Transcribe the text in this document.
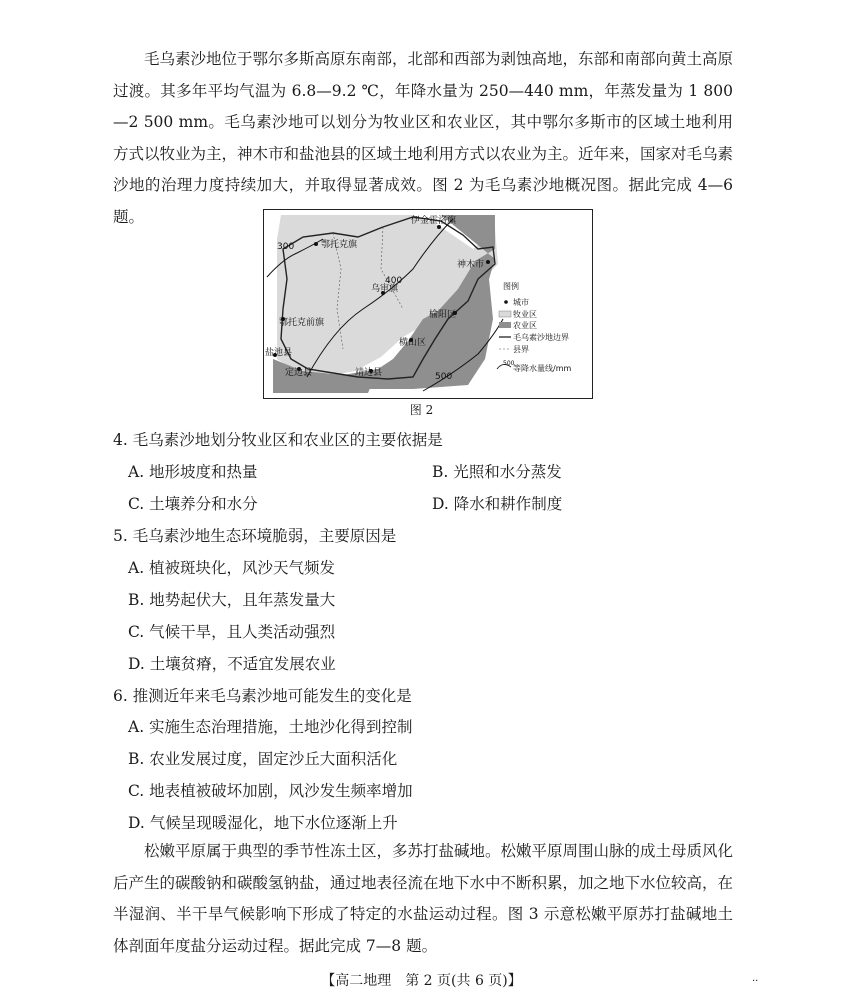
毛乌素沙地位于鄂尔多斯高原东南部，北部和西部为剥蚀高地，东部和南部向黄土高原过渡。其多年平均气温为 6.8—9.2 ℃，年降水量为 250—440 mm，年蒸发量为 1 800—2 500 mm。毛乌素沙地可以划分为牧业区和农业区，其中鄂尔多斯市的区域土地利用方式以牧业为主，神木市和盐池县的区域土地利用方式以农业为主。近年来，国家对毛乌素沙地的治理力度持续加大，并取得显著成效。图 2 为毛乌素沙地概况图。据此完成 4—6 题。
300
400
500
鄂托克旗
伊金霍洛旗
乌审旗
神木市
鄂托克前旗
榆阳区
横山区
盐池县
定边县	靖边县
图例
城市
牧业区
农业区
毛乌素沙地边界
县界
500
等降水量线/mm
图 2
4. 毛乌素沙地划分牧业区和农业区的主要依据是
A. 地形坡度和热量	B. 光照和水分蒸发
C. 土壤养分和水分	D. 降水和耕作制度
5. 毛乌素沙地生态环境脆弱，主要原因是
A. 植被斑块化，风沙天气频发
B. 地势起伏大，且年蒸发量大
C. 气候干旱，且人类活动强烈
D. 土壤贫瘠，不适宜发展农业
6. 推测近年来毛乌素沙地可能发生的变化是
A. 实施生态治理措施，土地沙化得到控制
B. 农业发展过度，固定沙丘大面积活化
C. 地表植被破坏加剧，风沙发生频率增加
D. 气候呈现暖湿化，地下水位逐渐上升
松嫩平原属于典型的季节性冻土区，多苏打盐碱地。松嫩平原周围山脉的成土母质风化后产生的碳酸钠和碳酸氢钠盐，通过地表径流在地下水中不断积累，加之地下水位较高，在半湿润、半干旱气候影响下形成了特定的水盐运动过程。图 3 示意松嫩平原苏打盐碱地土体剖面年度盐分运动过程。据此完成 7—8 题。
【高二地理　第 2 页(共 6 页)】	··
